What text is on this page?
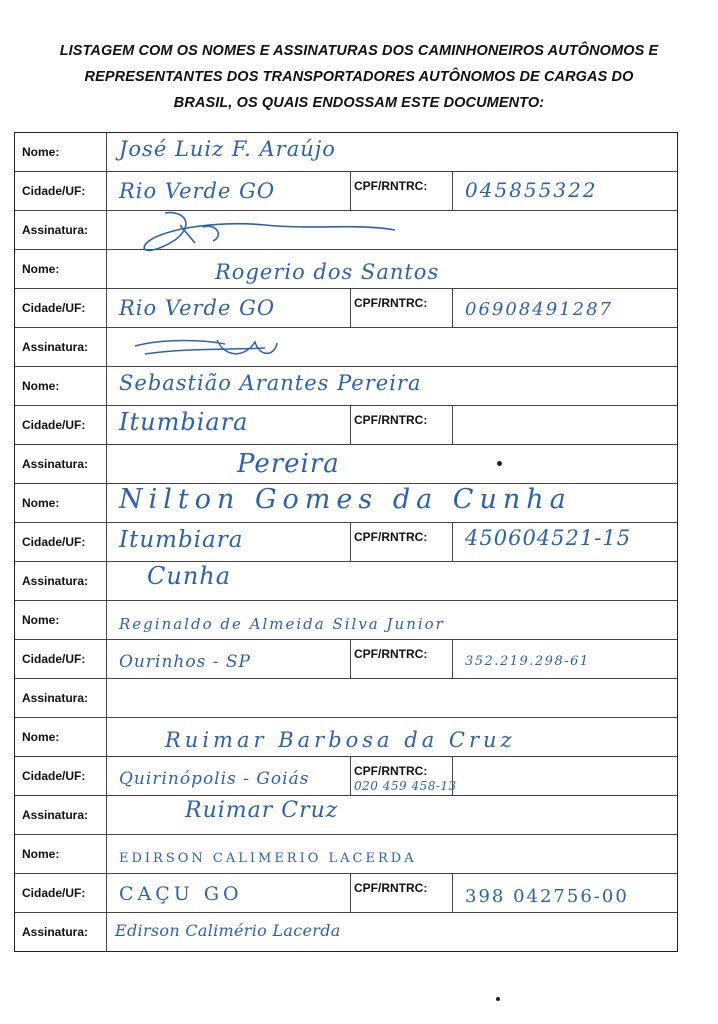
LISTAGEM COM OS NOMES E ASSINATURAS DOS CAMINHONEIROS AUTÔNOMOS E
REPRESENTANTES DOS TRANSPORTADORES AUTÔNOMOS DE CARGAS DO
BRASIL, OS QUAIS ENDOSSAM ESTE DOCUMENTO:
Nome:	José Luiz F. Araújo
Cidade/UF: Rio Verde GO	CPF/RNTRC: 045855322
Assinatura:
Nome:	Rogerio dos Santos
Cidade/UF: Rio Verde GO	CPF/RNTRC: 06908491287
Assinatura:
Nome:	Sebastião Arantes Pereira
Cidade/UF: Itumbiara	CPF/RNTRC:
Assinatura:	Pereira
Nome: Nilton Gomes da Cunha
Cidade/UF: Itumbiara	CPF/RNTRC: 450604521-15
Assinatura: Cunha
Nome:	Reginaldo de Almeida Silva Junior
Cidade/UF: Ourinhos - SP	CPF/RNTRC:	352.219.298-61
Assinatura:
Nome:	Ruimar Barbosa da Cruz
Cidade/UF: Quirinópolis - Goiás	CPF/RNTRC:
020 459 458-13
Assinatura:	Ruimar Cruz
Nome:	EDIRSON CALIMERIO LACERDA
Cidade/UF: CAÇU GO	CPF/RNTRC: 398 042756-00
Assinatura: Edirson Calimério Lacerda
